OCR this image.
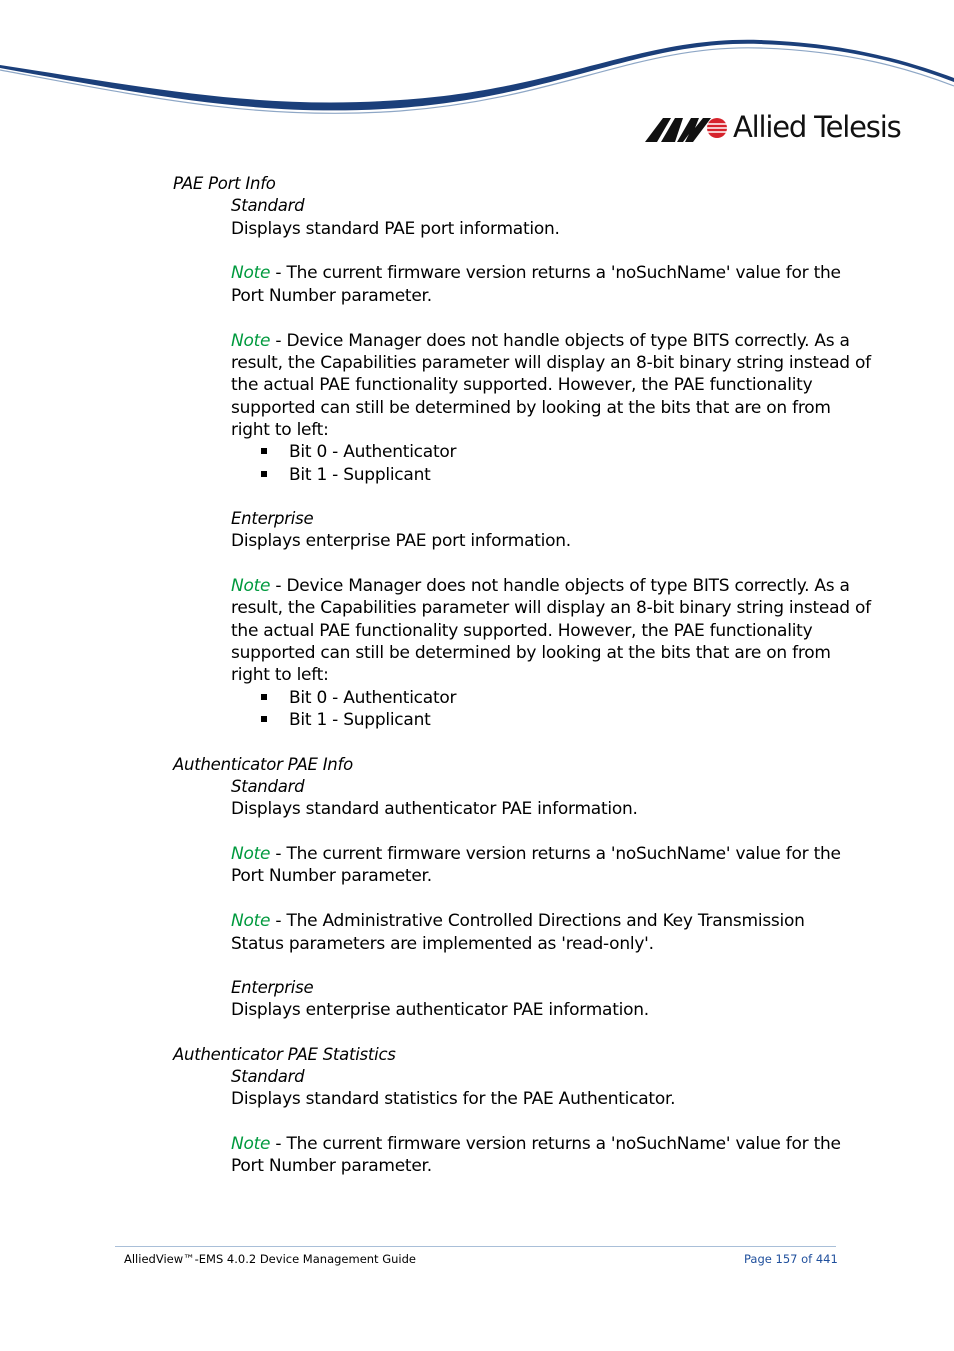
Allied Telesis
PAE Port Info
Standard
Displays standard PAE port information.
Note - The current firmware version returns a 'noSuchName' value for the
Port Number parameter.
Note - Device Manager does not handle objects of type BITS correctly. As a
result, the Capabilities parameter will display an 8-bit binary string instead of
the actual PAE functionality supported. However, the PAE functionality
supported can still be determined by looking at the bits that are on from
right to left:
Bit 0 - Authenticator
Bit 1 - Supplicant
Enterprise
Displays enterprise PAE port information.
Note - Device Manager does not handle objects of type BITS correctly. As a
result, the Capabilities parameter will display an 8-bit binary string instead of
the actual PAE functionality supported. However, the PAE functionality
supported can still be determined by looking at the bits that are on from
right to left:
Bit 0 - Authenticator
Bit 1 - Supplicant
Authenticator PAE Info
Standard
Displays standard authenticator PAE information.
Note - The current firmware version returns a 'noSuchName' value for the
Port Number parameter.
Note - The Administrative Controlled Directions and Key Transmission
Status parameters are implemented as 'read-only'.
Enterprise
Displays enterprise authenticator PAE information.
Authenticator PAE Statistics
Standard
Displays standard statistics for the PAE Authenticator.
Note - The current firmware version returns a 'noSuchName' value for the
Port Number parameter.
AlliedView™-EMS 4.0.2 Device Management Guide	Page 157 of 441
